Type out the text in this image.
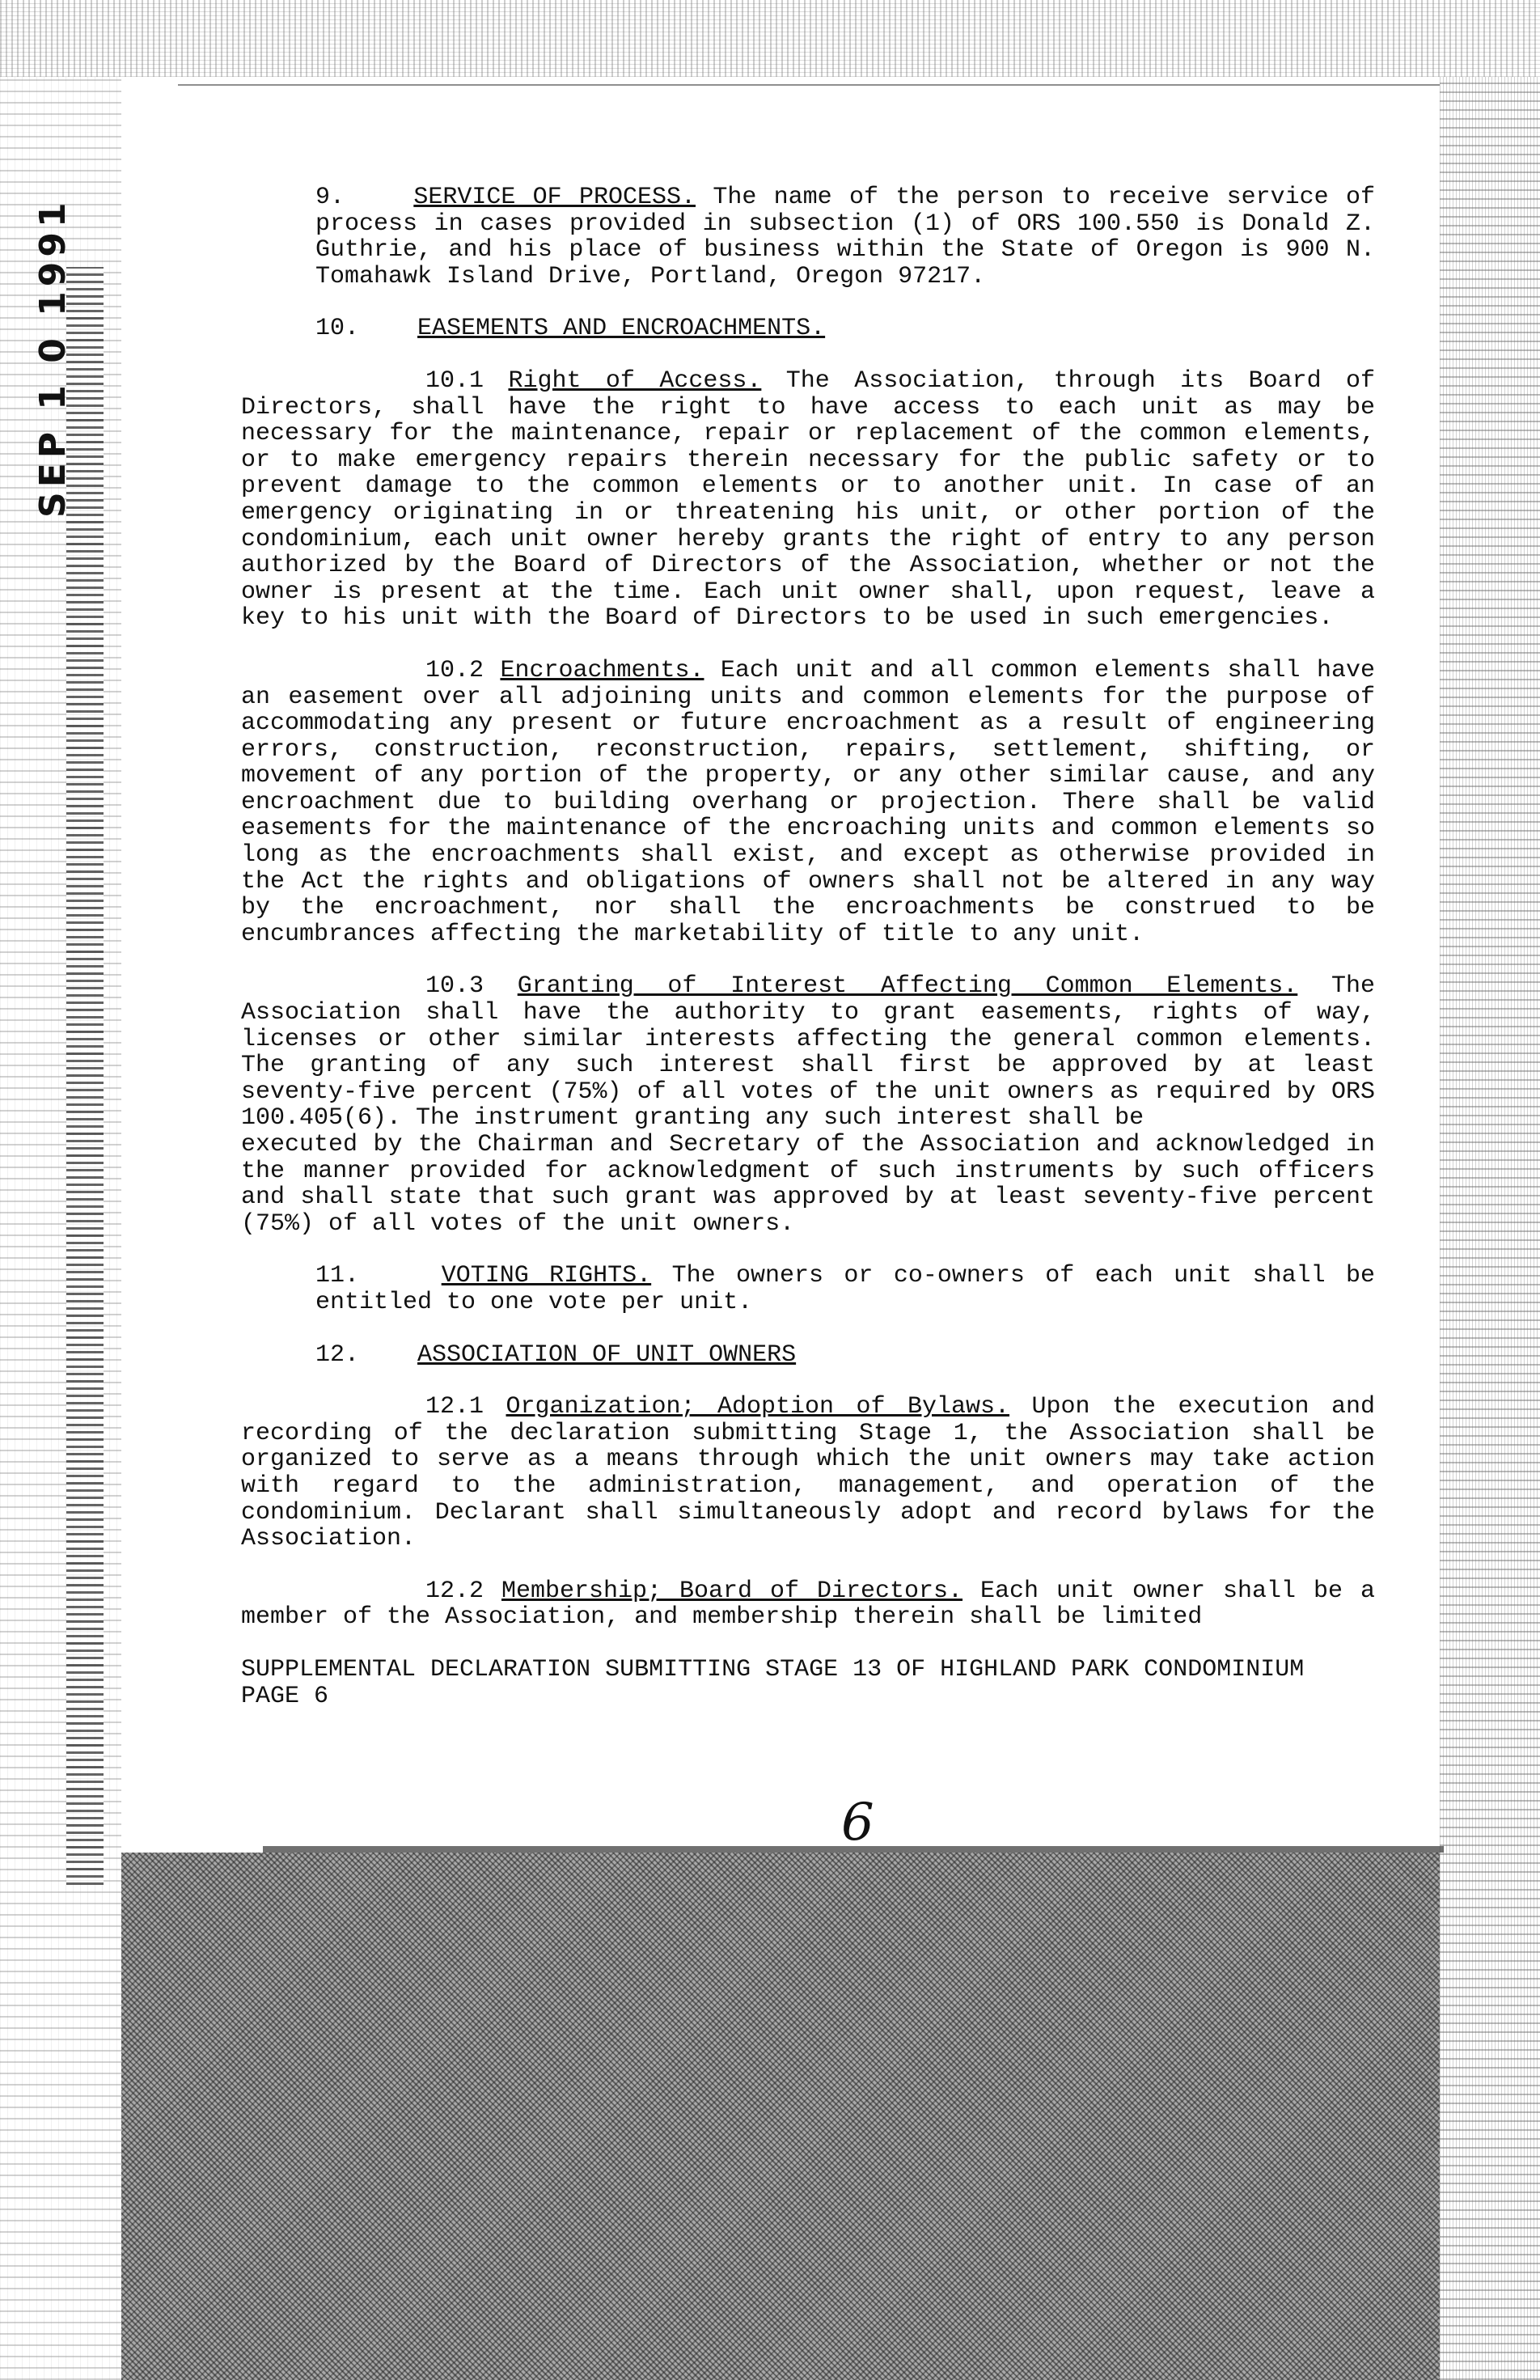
SEP 1 0 1991

9.	SERVICE OF PROCESS. The name of the person to receive service of process in cases provided in subsection (1) of ORS 100.550 is Donald Z. Guthrie, and his place of business within the State of Oregon is 900 N. Tomahawk Island Drive, Portland, Oregon 97217.

10. EASEMENTS AND ENCROACHMENTS.

10.1 Right of Access. The Association, through its Board of Directors, shall have the right to have access to each unit as may be necessary for the maintenance, repair or replacement of the common elements, or to make emergency repairs therein necessary for the public safety or to prevent damage to the common elements or to another unit. In case of an emergency originating in or threatening his unit, or other portion of the condominium, each unit owner hereby grants the right of entry to any person authorized by the Board of Directors of the Association, whether or not the owner is present at the time. Each unit owner shall, upon request, leave a key to his unit with the Board of Directors to be used in such emergencies.

10.2 Encroachments. Each unit and all common elements shall have an easement over all adjoining units and common elements for the purpose of accommodating any present or future encroachment as a result of engineering errors, construction, reconstruction, repairs, settlement, shifting, or movement of any portion of the property, or any other similar cause, and any encroachment due to building overhang or projection. There shall be valid easements for the maintenance of the encroaching units and common elements so long as the encroachments shall exist, and except as otherwise provided in the Act the rights and obligations of owners shall not be altered in any way by the encroachment, nor shall the encroachments be construed to be encumbrances affecting the marketability of title to any unit.

10.3 Granting of Interest Affecting Common Elements. The Association shall have the authority to grant easements, rights of way, licenses or other similar interests affecting the general common elements. The granting of any such interest shall first be approved by at least seventy-five percent (75%) of all votes of the unit owners as required by ORS 100.405(6). The instrument granting any such interest shall be

executed by the Chairman and Secretary of the Association and acknowledged in the manner provided for acknowledgment of such instruments by such officers and shall state that such grant was approved by at least seventy-five percent (75%) of all votes of the unit owners.

11.	VOTING RIGHTS. The owners or co-owners of each unit shall be entitled to one vote per unit.

12. ASSOCIATION OF UNIT OWNERS

12.1 Organization; Adoption of Bylaws. Upon the execution and recording of the declaration submitting Stage 1, the Association shall be organized to serve as a means through which the unit owners may take action with regard to the administration, management, and operation of the condominium. Declarant shall simultaneously adopt and record bylaws for the Association.

12.2 Membership; Board of Directors. Each unit owner shall be a member of the Association, and membership therein shall be limited

SUPPLEMENTAL DECLARATION SUBMITTING STAGE 13 OF HIGHLAND PARK CONDOMINIUM

PAGE 6

6
